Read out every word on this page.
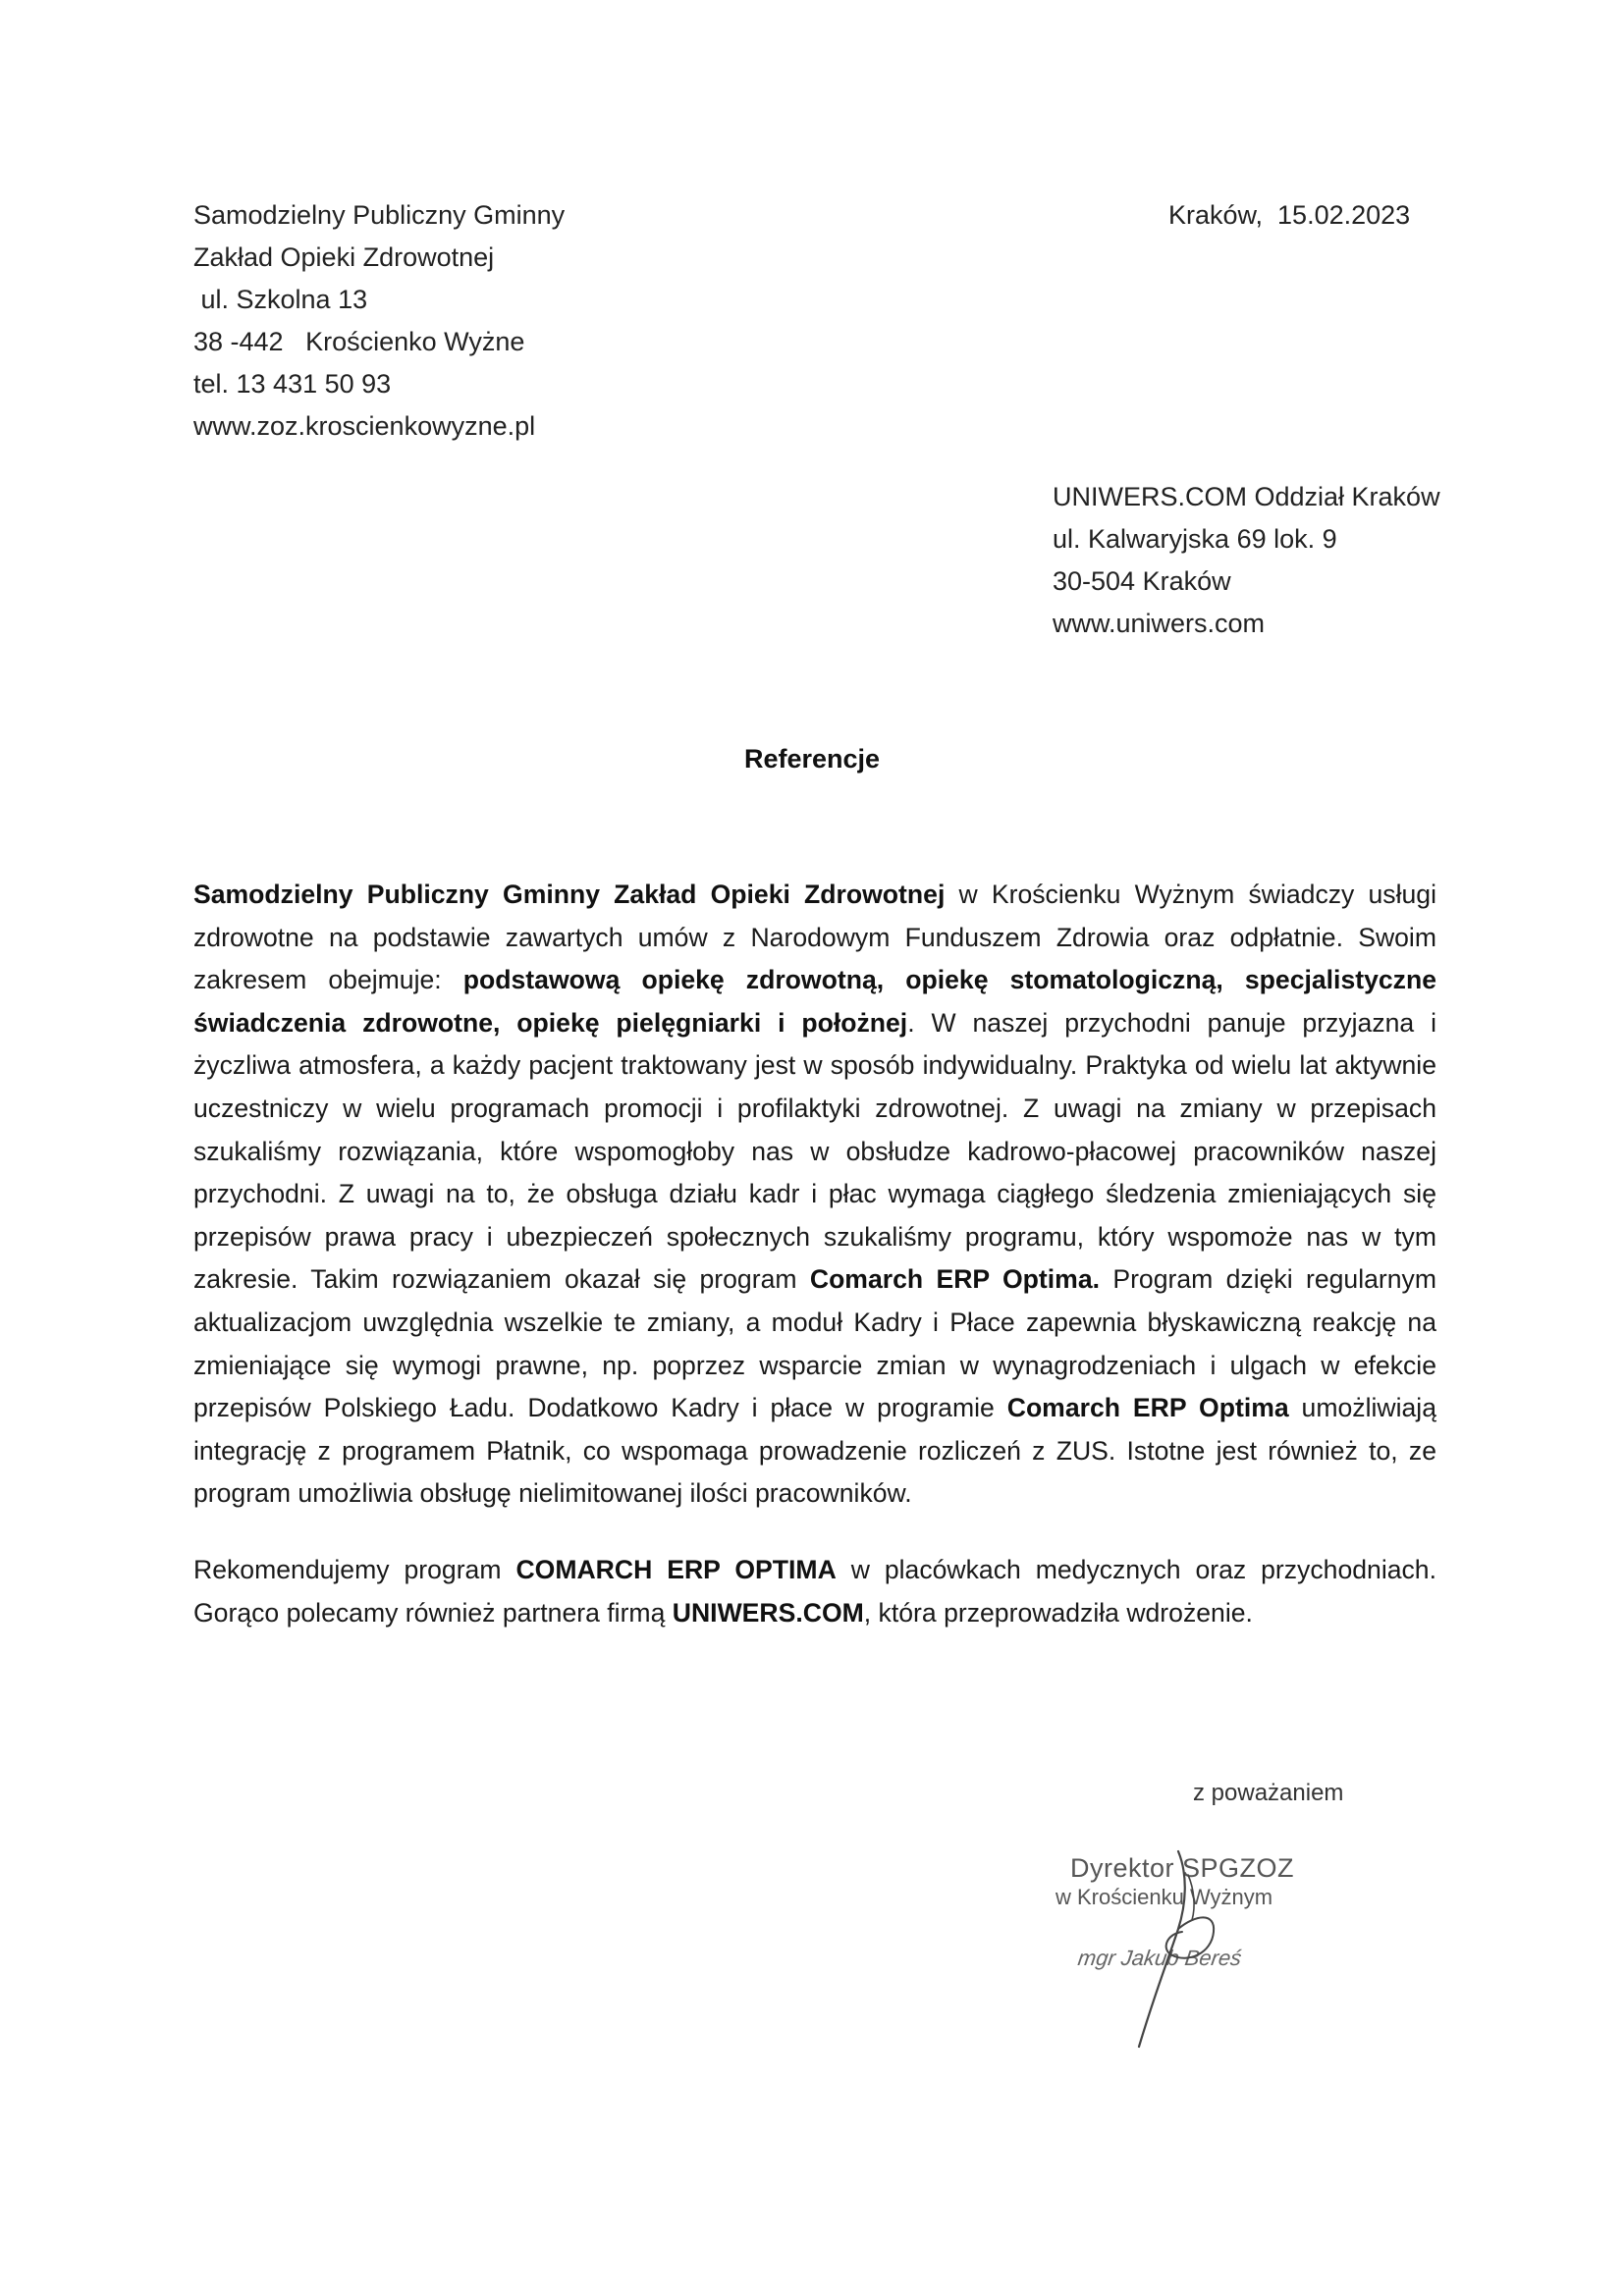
Samodzielny Publiczny Gminny
Zakład Opieki Zdrowotnej
ul. Szkolna 13
38 -442   Krościenko Wyżne
tel. 13 431 50 93
www.zoz.kroscienkowyzne.pl
Kraków,  15.02.2023
UNIWERS.COM Oddział Kraków
ul. Kalwaryjska 69 lok. 9
30-504 Kraków
www.uniwers.com
Referencje

Samodzielny Publiczny Gminny Zakład Opieki Zdrowotnej w Krościenku Wyżnym świadczy usługi zdrowotne na podstawie zawartych umów z Narodowym Funduszem Zdrowia oraz odpłatnie. Swoim zakresem obejmuje: podstawową opiekę zdrowotną, opiekę stomatologiczną, specjalistyczne świadczenia zdrowotne, opiekę pielęgniarki i położnej. W naszej przychodni panuje przyjazna i życzliwa atmosfera, a każdy pacjent traktowany jest w sposób indywidualny. Praktyka od wielu lat aktywnie uczestniczy w wielu programach promocji i profilaktyki zdrowotnej. Z uwagi na zmiany w przepisach szukaliśmy rozwiązania, które wspomogłoby nas w obsłudze kadrowo-płacowej pracowników naszej przychodni. Z uwagi na to, że obsługa działu kadr i płac wymaga ciągłego śledzenia zmieniających się przepisów prawa pracy i ubezpieczeń społecznych szukaliśmy programu, który wspomoże nas w tym zakresie. Takim rozwiązaniem okazał się program Comarch ERP Optima. Program dzięki regularnym aktualizacjom uwzględnia wszelkie te zmiany, a moduł Kadry i Płace zapewnia błyskawiczną reakcję na zmieniające się wymogi prawne, np. poprzez wsparcie zmian w wynagrodzeniach i ulgach w efekcie przepisów Polskiego Ładu. Dodatkowo Kadry i płace w programie Comarch ERP Optima umożliwiają integrację z programem Płatnik, co wspomaga prowadzenie rozliczeń z ZUS. Istotne jest również to, ze program umożliwia obsługę nielimitowanej ilości pracowników.

Rekomendujemy program COMARCH ERP OPTIMA w placówkach medycznych oraz przychodniach. Gorąco polecamy również partnera firmą UNIWERS.COM, która przeprowadziła wdrożenie.

z poważaniem
Dyrektor SPGZOZ
w Krościenku Wyżnym
mgr Jakub Bereś
